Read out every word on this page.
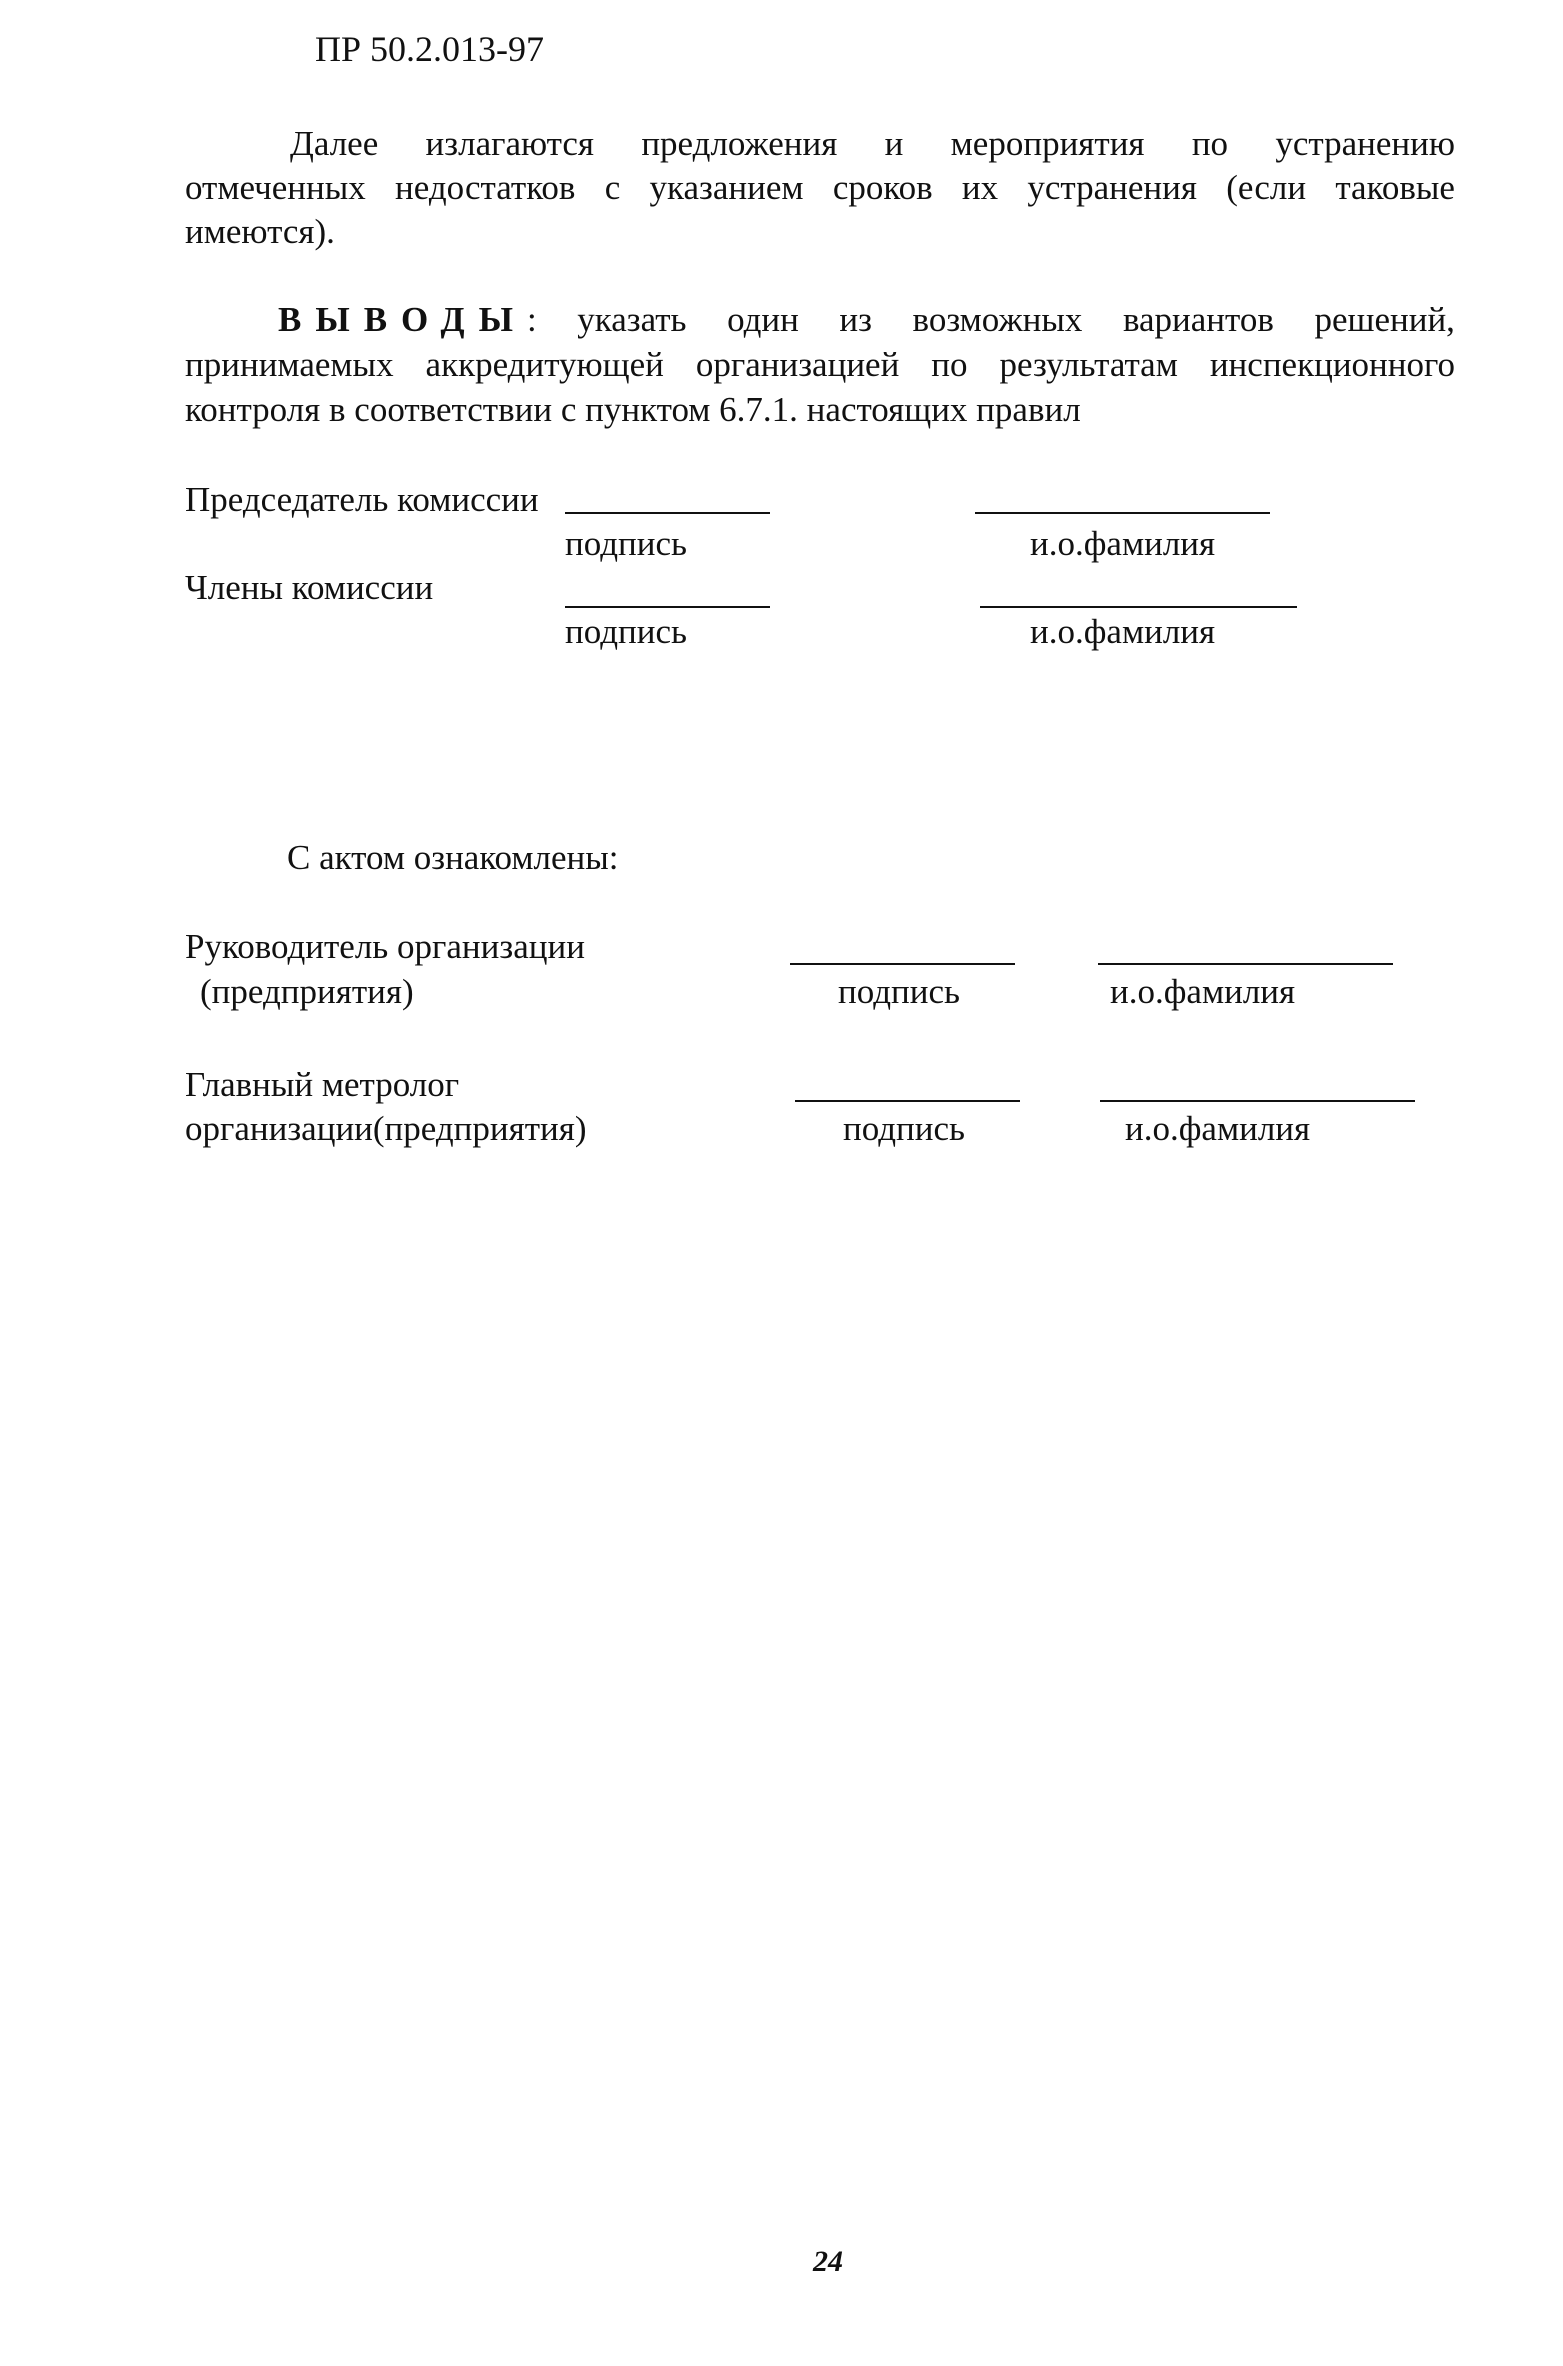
ПР 50.2.013-97
Далее излагаются предложения и мероприятия по устранению
отмеченных недостатков с указанием сроков их устранения (если таковые
имеются).
ВЫВОДЫ: указать один из возможных вариантов решений,
принимаемых аккредитующей организацией по результатам инспекционного
контроля в соответствии с пунктом 6.7.1. настоящих правил
Председатель комиссии
подпись	и.о.фамилия
Члены комиссии
подпись	и.о.фамилия
С актом ознакомлены:
Руководитель организации
(предприятия)	подпись	и.о.фамилия
Главный метролог
организации(предприятия)	подпись	и.о.фамилия
24
